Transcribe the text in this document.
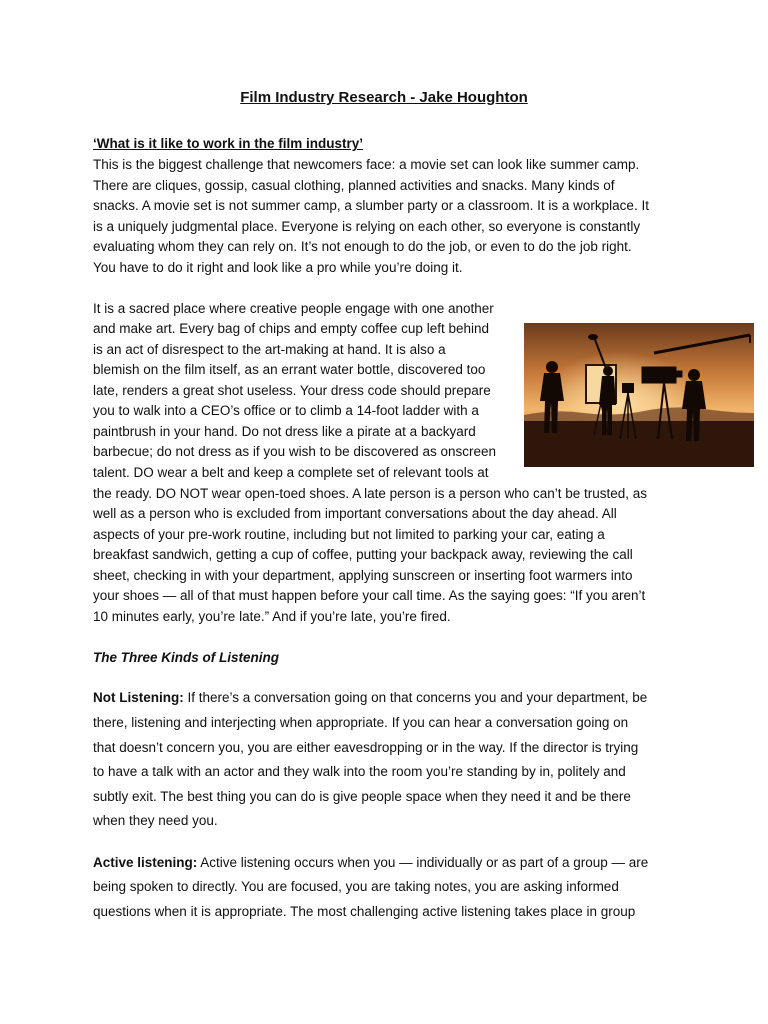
Film Industry Research - Jake Houghton
‘What is it like to work in the film industry’
This is the biggest challenge that newcomers face: a movie set can look like summer camp.
There are cliques, gossip, casual clothing, planned activities and snacks. Many kinds of
snacks. A movie set is not summer camp, a slumber party or a classroom. It is a workplace. It
is a uniquely judgmental place. Everyone is relying on each other, so everyone is constantly
evaluating whom they can rely on. It’s not enough to do the job, or even to do the job right.
You have to do it right and look like a pro while you’re doing it.
It is a sacred place where creative people engage with one another
and make art. Every bag of chips and empty coffee cup left behind
is an act of disrespect to the art-making at hand. It is also a
blemish on the film itself, as an errant water bottle, discovered too
late, renders a great shot useless. Your dress code should prepare
you to walk into a CEO’s office or to climb a 14-foot ladder with a
paintbrush in your hand. Do not dress like a pirate at a backyard
barbecue; do not dress as if you wish to be discovered as onscreen
talent. DO wear a belt and keep a complete set of relevant tools at
the ready. DO NOT wear open-toed shoes. A late person is a person who can’t be trusted, as
well as a person who is excluded from important conversations about the day ahead. All
aspects of your pre-work routine, including but not limited to parking your car, eating a
breakfast sandwich, getting a cup of coffee, putting your backpack away, reviewing the call
sheet, checking in with your department, applying sunscreen or inserting foot warmers into
your shoes — all of that must happen before your call time. As the saying goes: “If you aren’t
10 minutes early, you’re late.” And if you’re late, you’re fired.
The Three Kinds of Listening
Not Listening: If there’s a conversation going on that concerns you and your department, be
there, listening and interjecting when appropriate. If you can hear a conversation going on
that doesn’t concern you, you are either eavesdropping or in the way. If the director is trying
to have a talk with an actor and they walk into the room you’re standing by in, politely and
subtly exit. The best thing you can do is give people space when they need it and be there
when they need you.
Active listening: Active listening occurs when you — individually or as part of a group — are
being spoken to directly. You are focused, you are taking notes, you are asking informed
questions when it is appropriate. The most challenging active listening takes place in group
